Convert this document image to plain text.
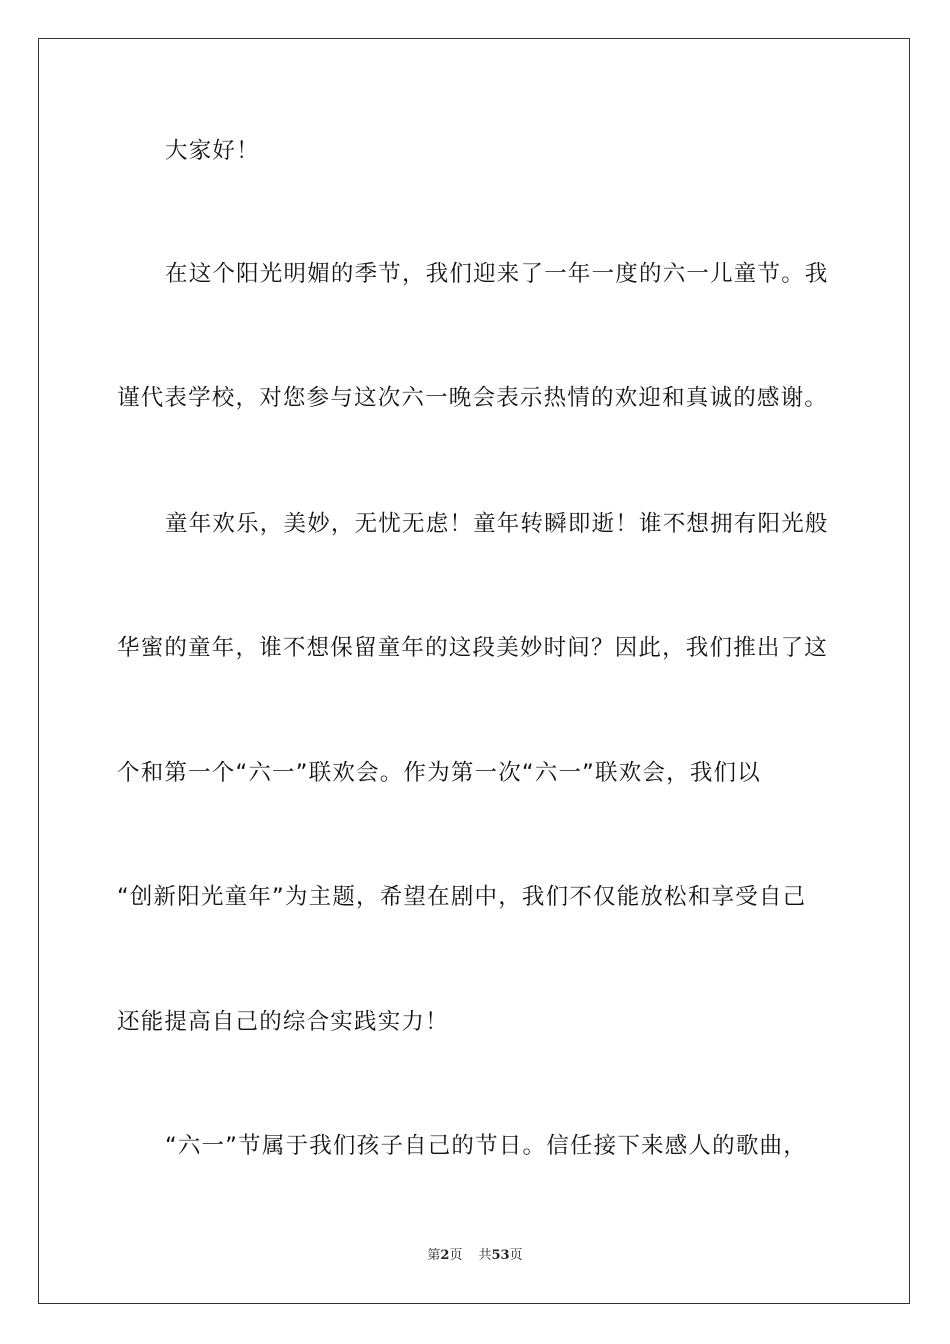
大家好！
在这个阳光明媚的季节，我们迎来了一年一度的六一儿童节。我
谨代表学校，对您参与这次六一晚会表示热情的欢迎和真诚的感谢。
童年欢乐，美妙，无忧无虑！童年转瞬即逝！谁不想拥有阳光般
华蜜的童年，谁不想保留童年的这段美妙时间？因此，我们推出了这
个和第一个“六一”联欢会。作为第一次“六一”联欢会，我们以
“创新阳光童年”为主题，希望在剧中，我们不仅能放松和享受自己
还能提高自己的综合实践实力！
“六一”节属于我们孩子自己的节日。信任接下来感人的歌曲，
第2页 共53页
